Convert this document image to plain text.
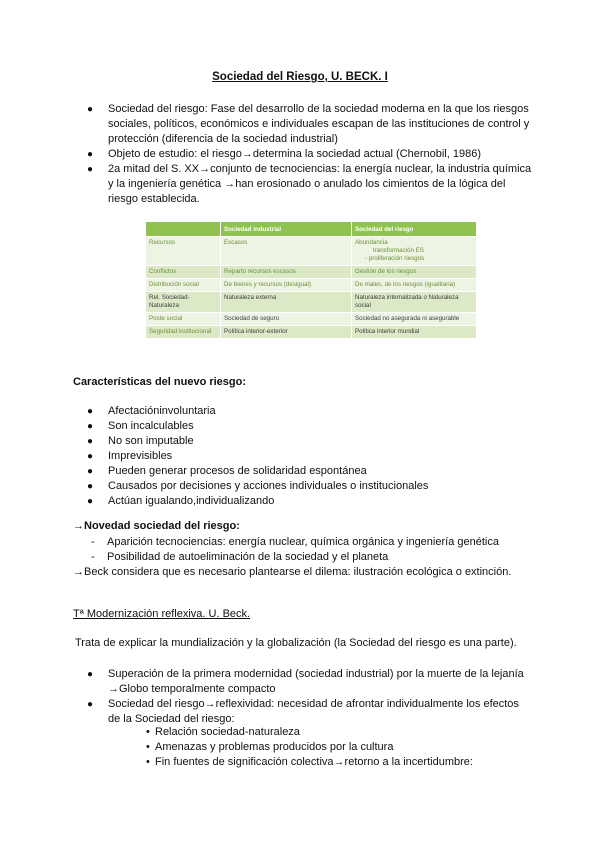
Sociedad del Riesgo, U. BECK. I
● Sociedad del riesgo: Fase del desarrollo de la sociedad moderna en la que los riesgos sociales, políticos, económicos e individuales escapan de las instituciones de control y protección (diferencia de la sociedad industrial)
● Objeto de estudio: el riesgo→determina la sociedad actual (Chernobil, 1986)
● 2a mitad del S. XX→conjunto de tecnociencias: la energía nuclear, la industria química y la ingeniería genética →han erosionado o anulado los cimientos de la lógica del riesgo establecida.
	Sociedad industrial	Sociedad del riesgo
Recursos	Escasos	Abundancia
transformación ES
- proliferación riesgos

Conflictos	Reparto recursos escasos	Gestión de los riesgos
Distribución social	De bienes y recursos (desigual)	De males, de los riesgos (igualitaria)
Rel. Sociedad-Naturaleza	Naturaleza externa	Naturaleza internalizada o Naturaleza social
Poste social	Sociedad de seguro	Sociedad no asegurada ni asegurable
Seguridad institucional	Política interior-exterior	Política interior mundial
Características del nuevo riesgo:
● Afectacióninvoluntaria
● Son incalculables
● No son imputable
● Imprevisibles
● Pueden generar procesos de solidaridad espontánea
● Causados por decisiones y acciones individuales o institucionales
● Actúan igualando,individualizando
→Novedad sociedad del riesgo:
- Aparición tecnociencias: energía nuclear, química orgánica y ingeniería genética
- Posibilidad de autoeliminación de la sociedad y el planeta
→Beck considera que es necesario plantearse el dilema: ilustración ecológica o extinción.
Tª Modernización reflexiva. U. Beck.
Trata de explicar la mundialización y la globalización (la Sociedad del riesgo es una parte).
● Superación de la primera modernidad (sociedad industrial) por la muerte de la lejanía →Globo temporalmente compacto
● Sociedad del riesgo→reflexividad: necesidad de afrontar individualmente los efectos de la Sociedad del riesgo:
• Relación sociedad-naturaleza
• Amenazas y problemas producidos por la cultura
• Fin fuentes de significación colectiva→retorno a la incertidumbre:
